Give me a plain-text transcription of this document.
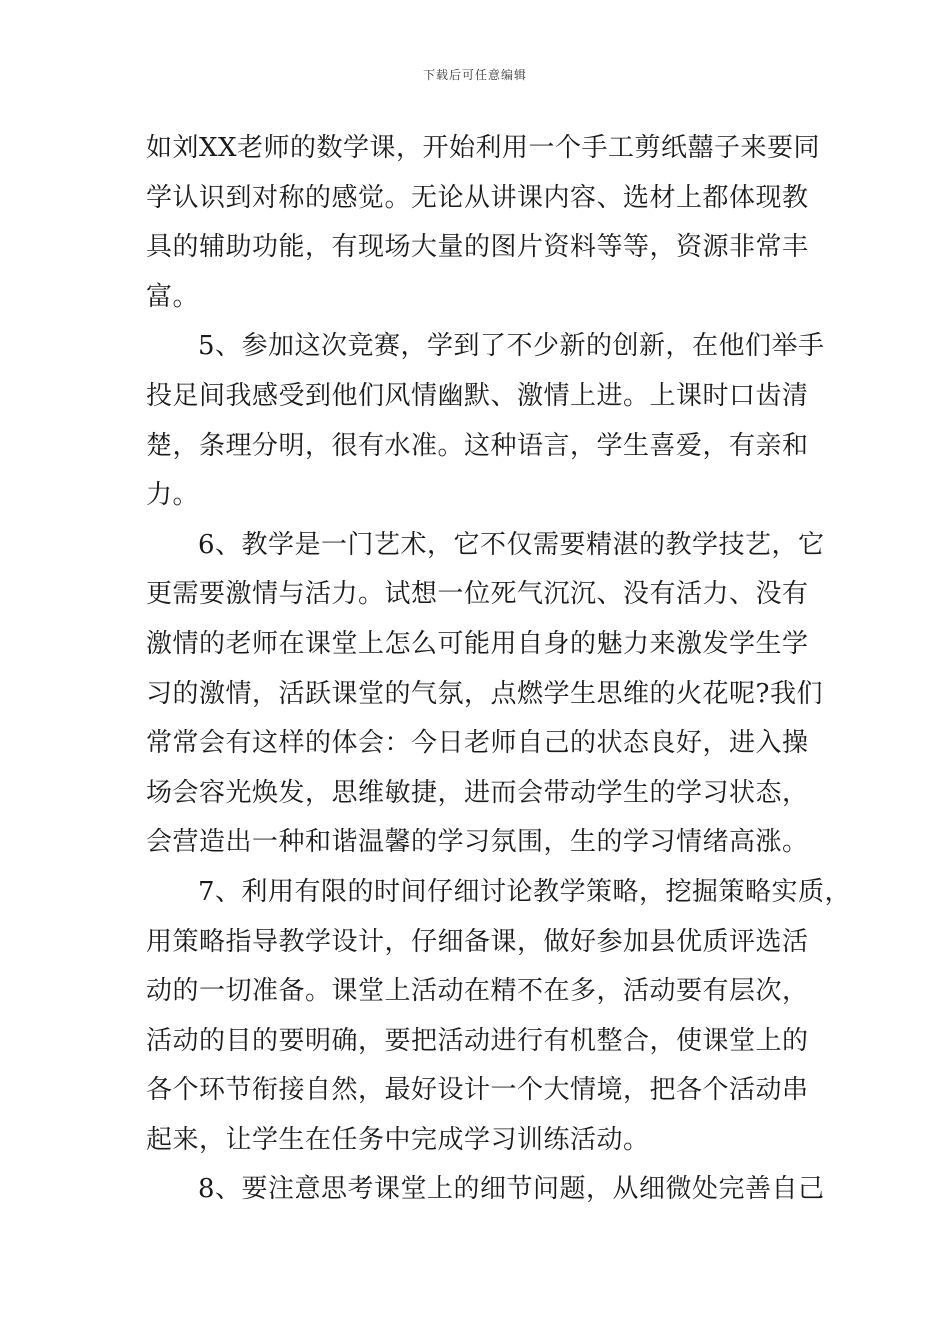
下载后可任意编辑
如刘XX老师的数学课，开始利用一个手工剪纸囍子来要同
学认识到对称的感觉。无论从讲课内容、选材上都体现教
具的辅助功能，有现场大量的图片资料等等，资源非常丰
富。
5、参加这次竞赛，学到了不少新的创新，在他们举手
投足间我感受到他们风情幽默、激情上进。上课时口齿清
楚，条理分明，很有水准。这种语言，学生喜爱，有亲和
力。
6、教学是一门艺术，它不仅需要精湛的教学技艺，它
更需要激情与活力。试想一位死气沉沉、没有活力、没有
激情的老师在课堂上怎么可能用自身的魅力来激发学生学
习的激情，活跃课堂的气氛，点燃学生思维的火花呢?我们
常常会有这样的体会：今日老师自己的状态良好，进入操
场会容光焕发，思维敏捷，进而会带动学生的学习状态，
会营造出一种和谐温馨的学习氛围，生的学习情绪高涨。
7、利用有限的时间仔细讨论教学策略，挖掘策略实质，
用策略指导教学设计，仔细备课，做好参加县优质评选活
动的一切准备。课堂上活动在精不在多，活动要有层次，
活动的目的要明确，要把活动进行有机整合，使课堂上的
各个环节衔接自然，最好设计一个大情境，把各个活动串
起来，让学生在任务中完成学习训练活动。
8、要注意思考课堂上的细节问题，从细微处完善自己
